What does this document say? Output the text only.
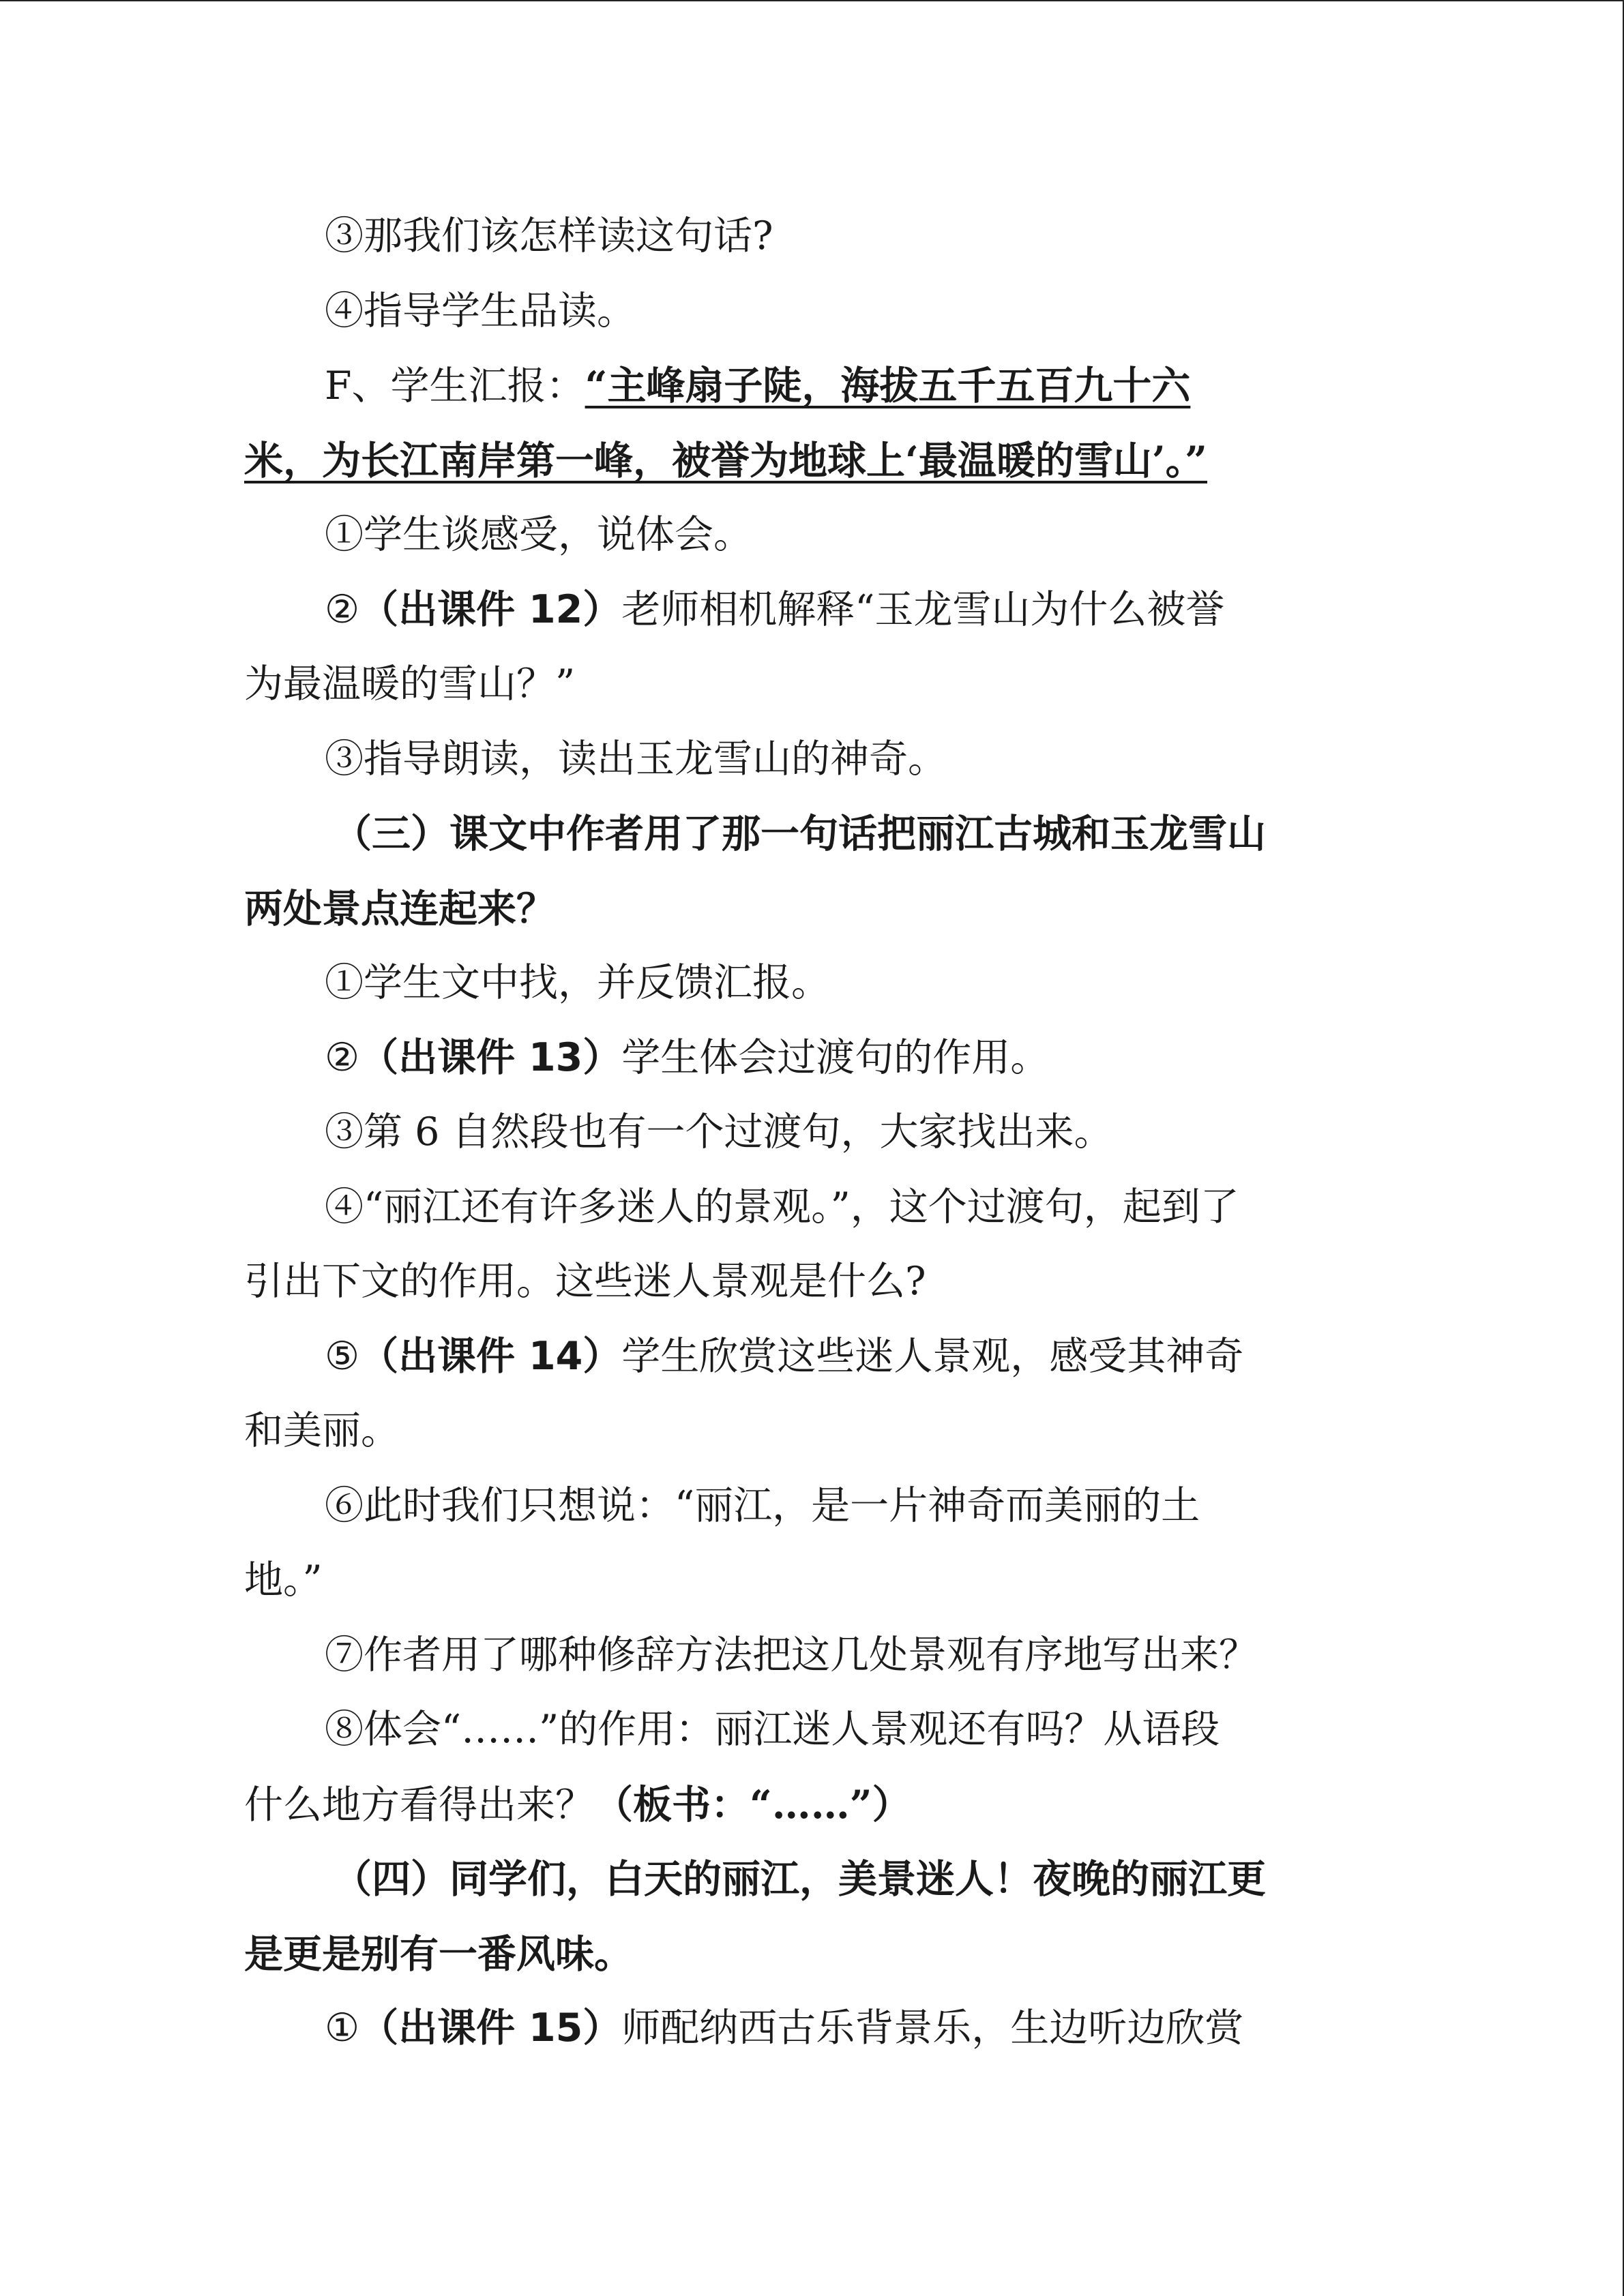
③那我们该怎样读这句话?
④指导学生品读。
F、学生汇报：“主峰扇子陡，海拔五千五百九十六
米，为长江南岸第一峰，被誉为地球上‘最温暖的雪山’。”
①学生谈感受，说体会。
②（出课件 12）老师相机解释“玉龙雪山为什么被誉
为最温暖的雪山？”
③指导朗读，读出玉龙雪山的神奇。
（三）课文中作者用了那一句话把丽江古城和玉龙雪山
两处景点连起来？
①学生文中找，并反馈汇报。
②（出课件 13）学生体会过渡句的作用。
③第 6 自然段也有一个过渡句，大家找出来。
④“丽江还有许多迷人的景观。”，这个过渡句，起到了
引出下文的作用。这些迷人景观是什么?
⑤（出课件 14）学生欣赏这些迷人景观，感受其神奇
和美丽。
⑥此时我们只想说：“丽江，是一片神奇而美丽的土
地。”
⑦作者用了哪种修辞方法把这几处景观有序地写出来？
⑧体会“……”的作用：丽江迷人景观还有吗？从语段
什么地方看得出来？（板书：“……”）
（四）同学们，白天的丽江，美景迷人！夜晚的丽江更
是更是别有一番风味。
①（出课件 15）师配纳西古乐背景乐，生边听边欣赏
